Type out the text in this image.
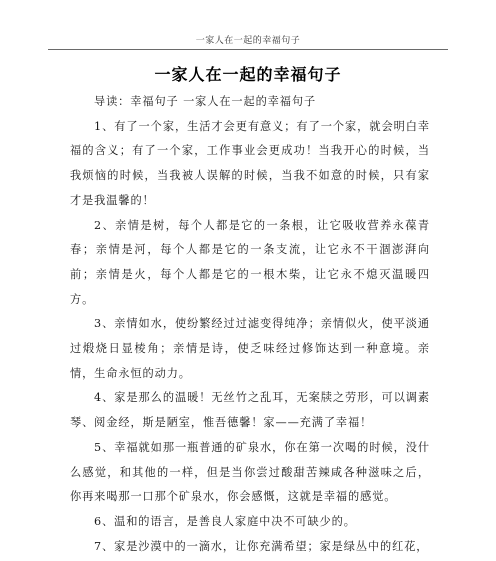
一家人在一起的幸福句子
一家人在一起的幸福句子

导读：幸福句子 一家人在一起的幸福句子

1、有了一个家，生活才会更有意义；有了一个家，就会明白幸福的含义；有了一个家，工作事业会更成功！当我开心的时候，当我烦恼的时候，当我被人误解的时候，当我不如意的时候，只有家才是我温馨的！

2、亲情是树，每个人都是它的一条根，让它吸收营养永葆青春；亲情是河，每个人都是它的一条支流，让它永不干涸澎湃向前；亲情是火，每个人都是它的一根木柴，让它永不熄灭温暖四方。

3、亲情如水，使纷繁经过过滤变得纯净；亲情似火，使平淡通过煅烧日显棱角；亲情是诗，使乏味经过修饰达到一种意境。亲情，生命永恒的动力。

4、家是那么的温暖！无丝竹之乱耳，无案牍之劳形，可以调素琴、阅金经，斯是陋室，惟吾德馨！家——充满了幸福！

5、幸福就如那一瓶普通的矿泉水，你在第一次喝的时候，没什么感觉，和其他的一样，但是当你尝过酸甜苦辣咸各种滋味之后，你再来喝那一口那个矿泉水，你会感慨，这就是幸福的感觉。

6、温和的语言，是善良人家庭中决不可缺少的。

7、家是沙漠中的一滴水，让你充满希望；家是绿丛中的红花，
